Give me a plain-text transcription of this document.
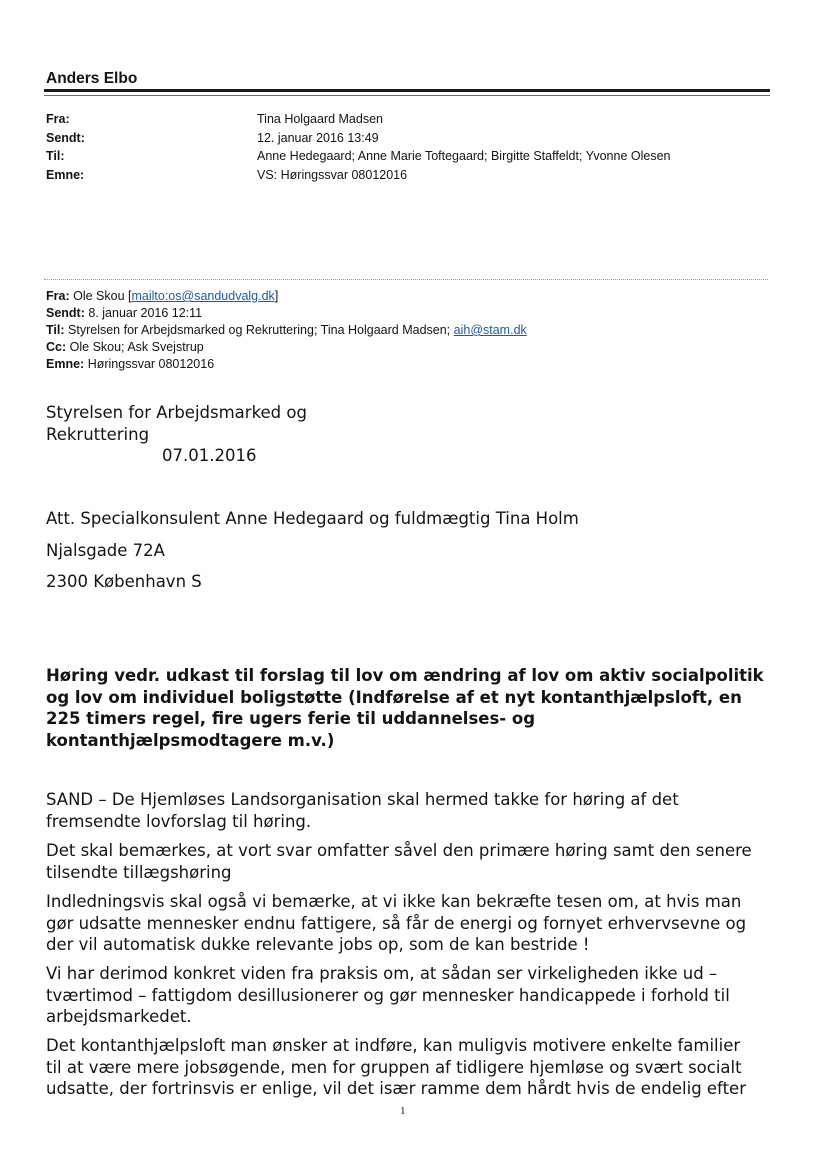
Anders Elbo
Fra:	Tina Holgaard Madsen
Sendt:	12. januar 2016 13:49
Til:	Anne Hedegaard; Anne Marie Toftegaard; Birgitte Staffeldt; Yvonne Olesen
Emne:	VS: Høringssvar 08012016
Fra: Ole Skou [mailto:os@sandudvalg.dk]
Sendt: 8. januar 2016 12:11
Til: Styrelsen for Arbejdsmarked og Rekruttering; Tina Holgaard Madsen; aih@stam.dk
Cc: Ole Skou; Ask Svejstrup
Emne: Høringssvar 08012016
Styrelsen for Arbejdsmarked og
Rekruttering
07.01.2016
Att. Specialkonsulent Anne Hedegaard og fuldmægtig Tina Holm
Njalsgade 72A
2300 København S
Høring vedr. udkast til forslag til lov om ændring af lov om aktiv socialpolitik
og lov om individuel boligstøtte (Indførelse af et nyt kontanthjælpsloft, en
225 timers regel, fire ugers ferie til uddannelses- og
kontanthjælpsmodtagere m.v.)
SAND – De Hjemløses Landsorganisation skal hermed takke for høring af det
fremsendte lovforslag til høring.
Det skal bemærkes, at vort svar omfatter såvel den primære høring samt den senere
tilsendte tillægshøring
Indledningsvis skal også vi bemærke, at vi ikke kan bekræfte tesen om, at hvis man
gør udsatte mennesker endnu fattigere, så får de energi og fornyet erhvervsevne og
der vil automatisk dukke relevante jobs op, som de kan bestride !
Vi har derimod konkret viden fra praksis om, at sådan ser virkeligheden ikke ud –
tværtimod – fattigdom desillusionerer og gør mennesker handicappede i forhold til
arbejdsmarkedet.
Det kontanthjælpsloft man ønsker at indføre, kan muligvis motivere enkelte familier
til at være mere jobsøgende, men for gruppen af tidligere hjemløse og svært socialt
udsatte, der fortrinsvis er enlige, vil det især ramme dem hårdt hvis de endelig efter
1
